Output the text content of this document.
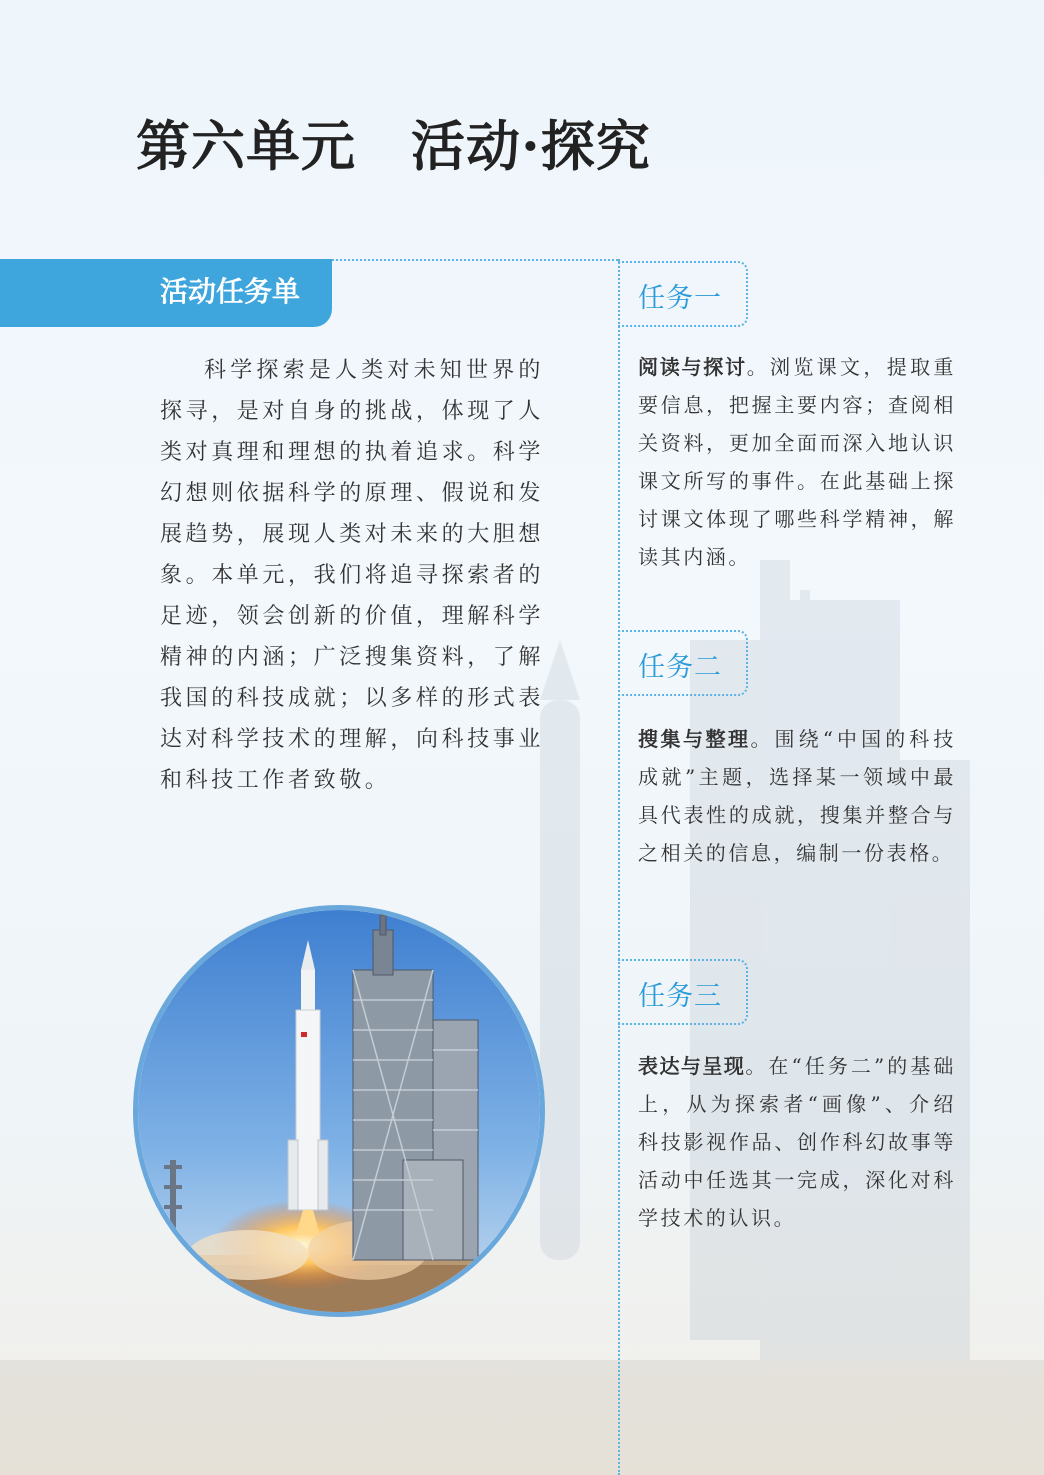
第六单元　活动·探究
活动任务单

科学探索是人类对未知世界的探寻，是对自身的挑战，体现了人类对真理和理想的执着追求。科学幻想则依据科学的原理、假说和发展趋势，展现人类对未来的大胆想象。本单元，我们将追寻探索者的足迹，领会创新的价值，理解科学精神的内涵；广泛搜集资料，了解我国的科技成就；以多样的形式表达对科学技术的理解，向科技事业和科技工作者致敬。

任务一

阅读与探讨。浏览课文，提取重要信息，把握主要内容；查阅相关资料，更加全面而深入地认识课文所写的事件。在此基础上探讨课文体现了哪些科学精神，解读其内涵。

任务二

搜集与整理。围绕“中国的科技成就”主题，选择某一领域中最具代表性的成就，搜集并整合与之相关的信息，编制一份表格。

任务三

表达与呈现。在“任务二”的基础上，从为探索者“画像”、介绍科技影视作品、创作科幻故事等活动中任选其一完成，深化对科学技术的认识。
